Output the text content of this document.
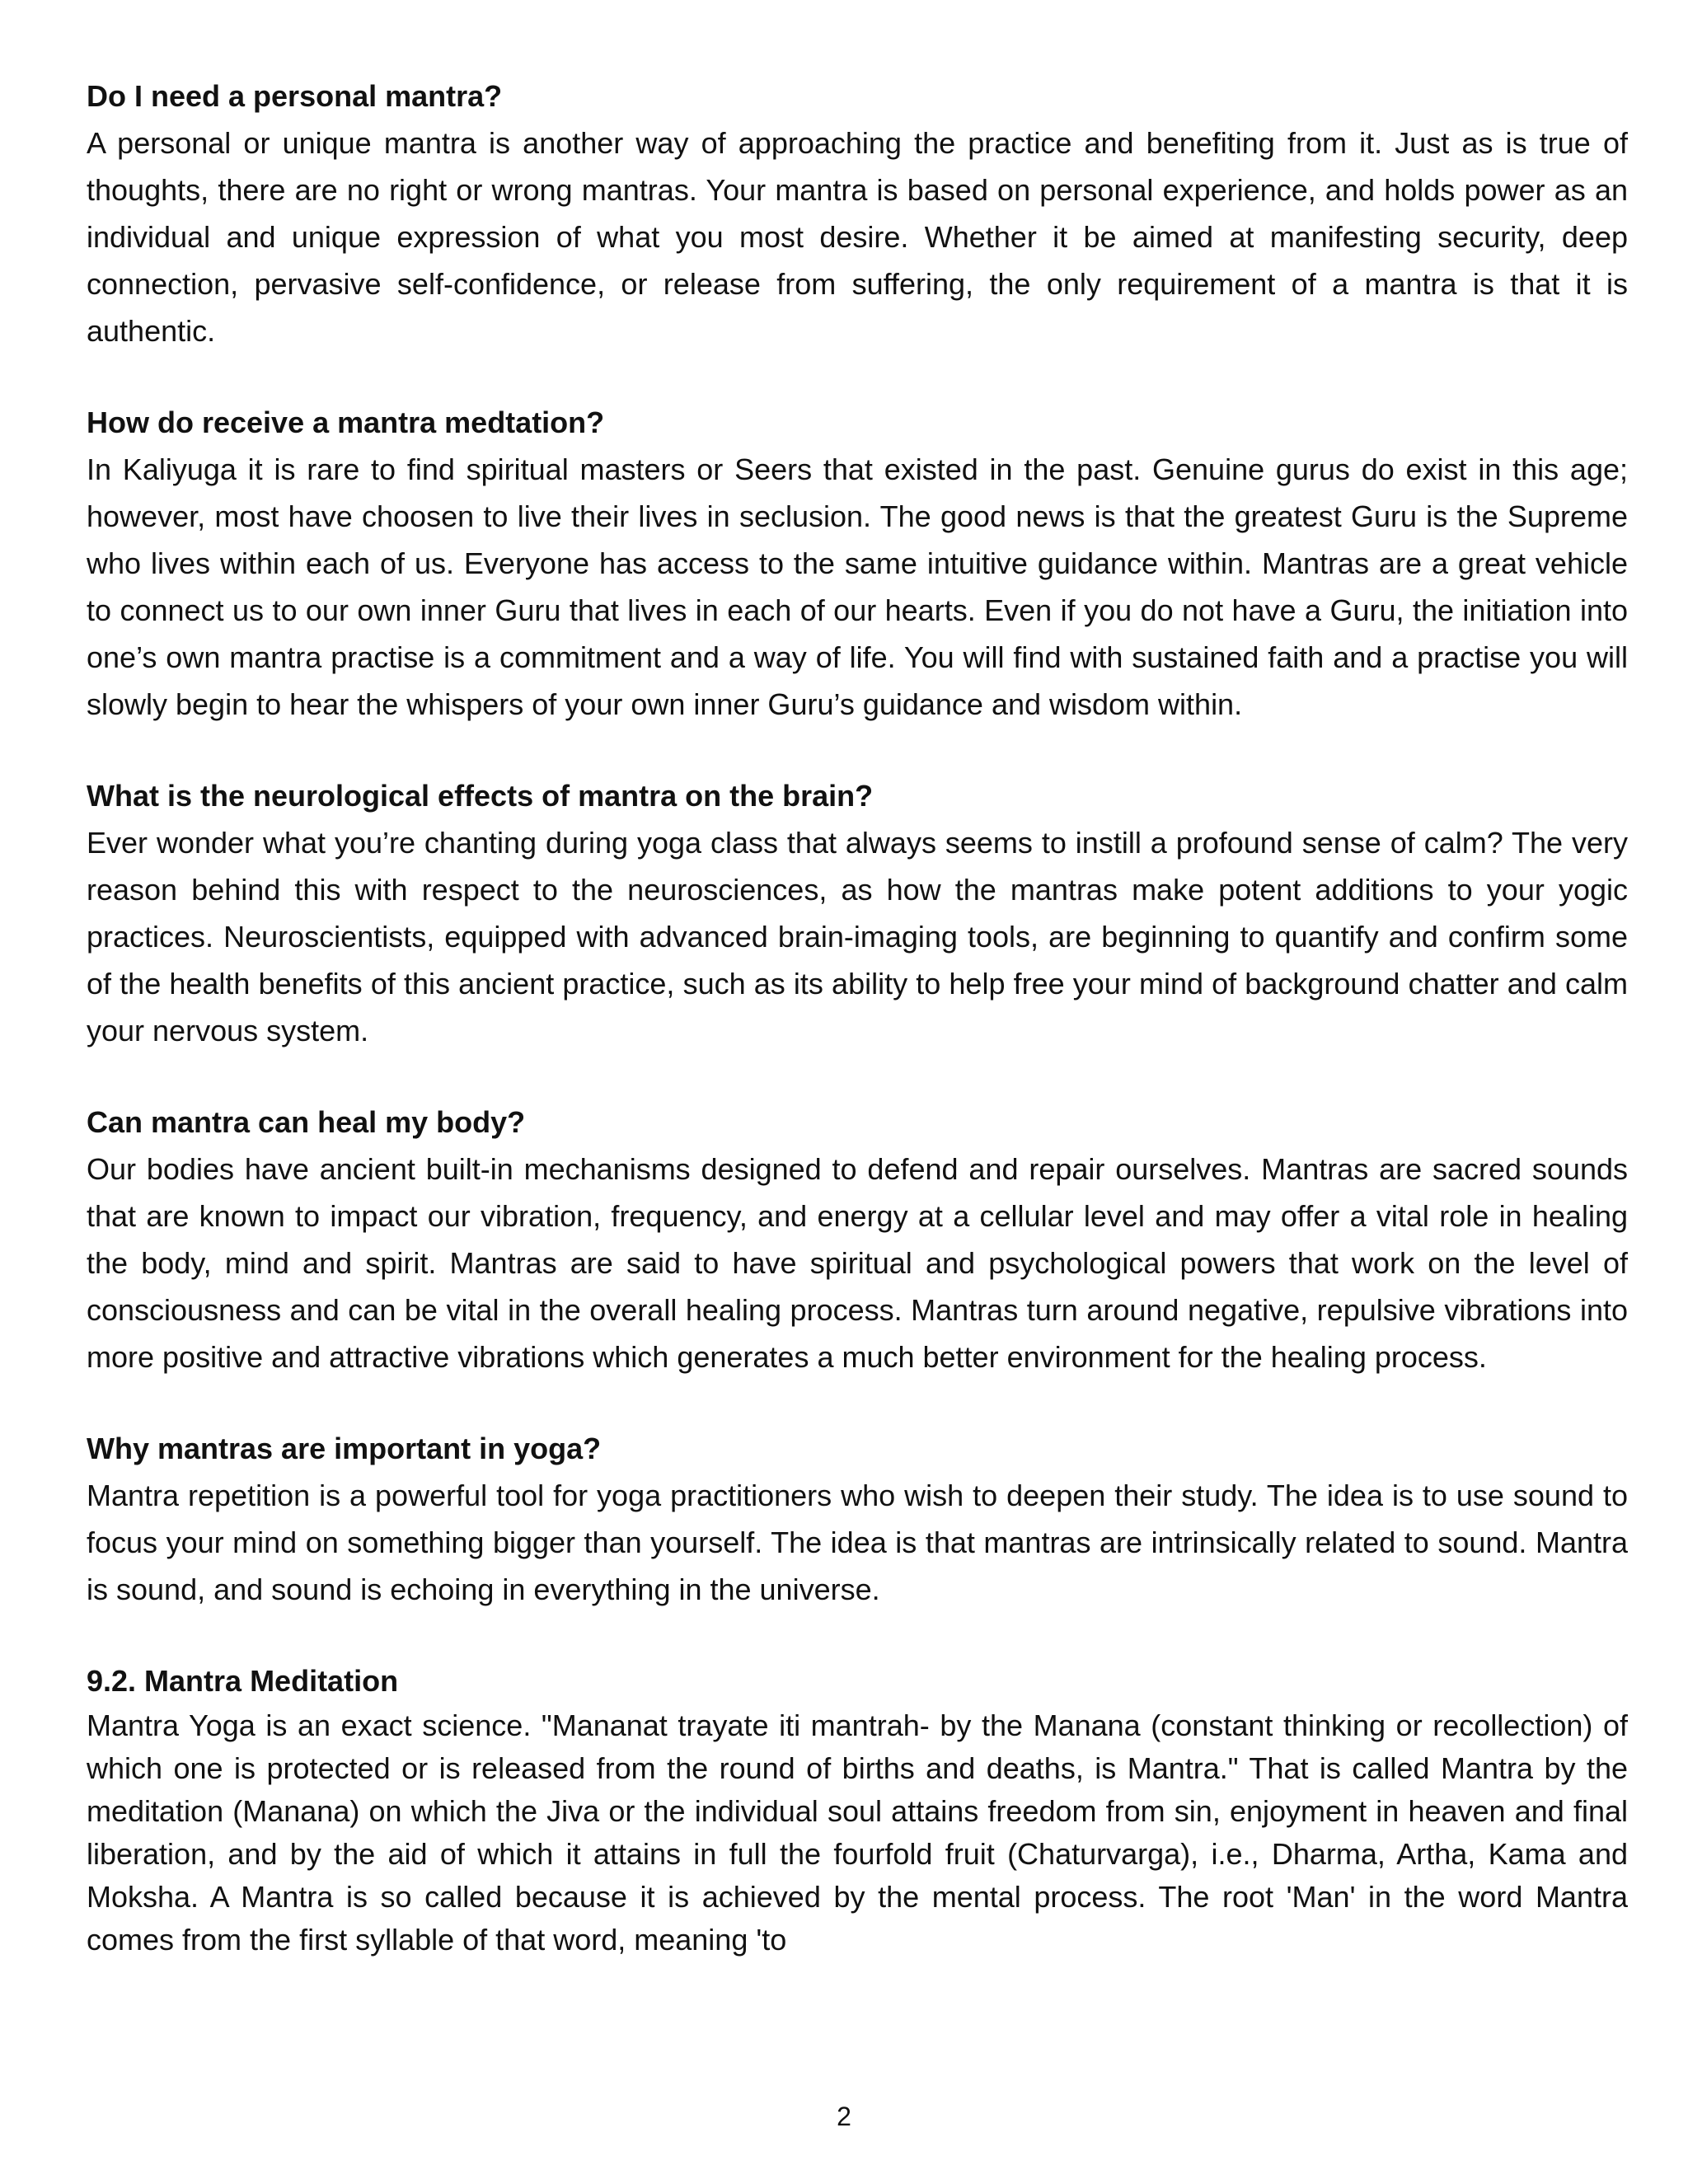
Do I need a personal mantra?

A personal or unique mantra is another way of approaching the practice and benefiting from it. Just as is true of thoughts, there are no right or wrong mantras. Your mantra is based on personal experience, and holds power as an individual and unique expression of what you most desire. Whether it be aimed at manifesting security, deep connection, pervasive self-confidence, or release from suffering, the only requirement of a mantra is that it is authentic.

How do receive a mantra medtation?

In Kaliyuga it is rare to find spiritual masters or Seers that existed in the past. Genuine gurus do exist in this age; however, most have choosen to live their lives in seclusion. The good news is that the greatest Guru is the Supreme who lives within each of us. Everyone has access to the same intuitive guidance within. Mantras are a great vehicle to connect us to our own inner Guru that lives in each of our hearts. Even if you do not have a Guru, the initiation into one’s own mantra practise is a commitment and a way of life. You will find with sustained faith and a practise you will slowly begin to hear the whispers of your own inner Guru’s guidance and wisdom within.

What is the neurological effects of mantra on the brain?

Ever wonder what you’re chanting during yoga class that always seems to instill a profound sense of calm? The very reason behind this with respect to the neurosciences, as how the mantras make potent additions to your yogic practices. Neuroscientists, equipped with advanced brain-imaging tools, are beginning to quantify and confirm some of the health benefits of this ancient practice, such as its ability to help free your mind of background chatter and calm your nervous system.

Can mantra can heal my body?

Our bodies have ancient built-in mechanisms designed to defend and repair ourselves. Mantras are sacred sounds that are known to impact our vibration, frequency, and energy at a cellular level and may offer a vital role in healing the body, mind and spirit. Mantras are said to have spiritual and psychological powers that work on the level of consciousness and can be vital in the overall healing process. Mantras turn around negative, repulsive vibrations into more positive and attractive vibrations which generates a much better environment for the healing process.

Why mantras are important in yoga?

Mantra repetition is a powerful tool for yoga practitioners who wish to deepen their study. The idea is to use sound to focus your mind on something bigger than yourself. The idea is that mantras are intrinsically related to sound. Mantra is sound, and sound is echoing in everything in the universe.

9.2. Mantra Meditation

Mantra Yoga is an exact science. "Mananat trayate iti mantrah- by the Manana (constant thinking or recollection) of which one is protected or is released from the round of births and deaths, is Mantra." That is called Mantra by the meditation (Manana) on which the Jiva or the individual soul attains freedom from sin, enjoyment in heaven and final liberation, and by the aid of which it attains in full the fourfold fruit (Chaturvarga), i.e., Dharma, Artha, Kama and Moksha. A Mantra is so called because it is achieved by the mental process. The root 'Man' in the word Mantra comes from the first syllable of that word, meaning 'to

2
